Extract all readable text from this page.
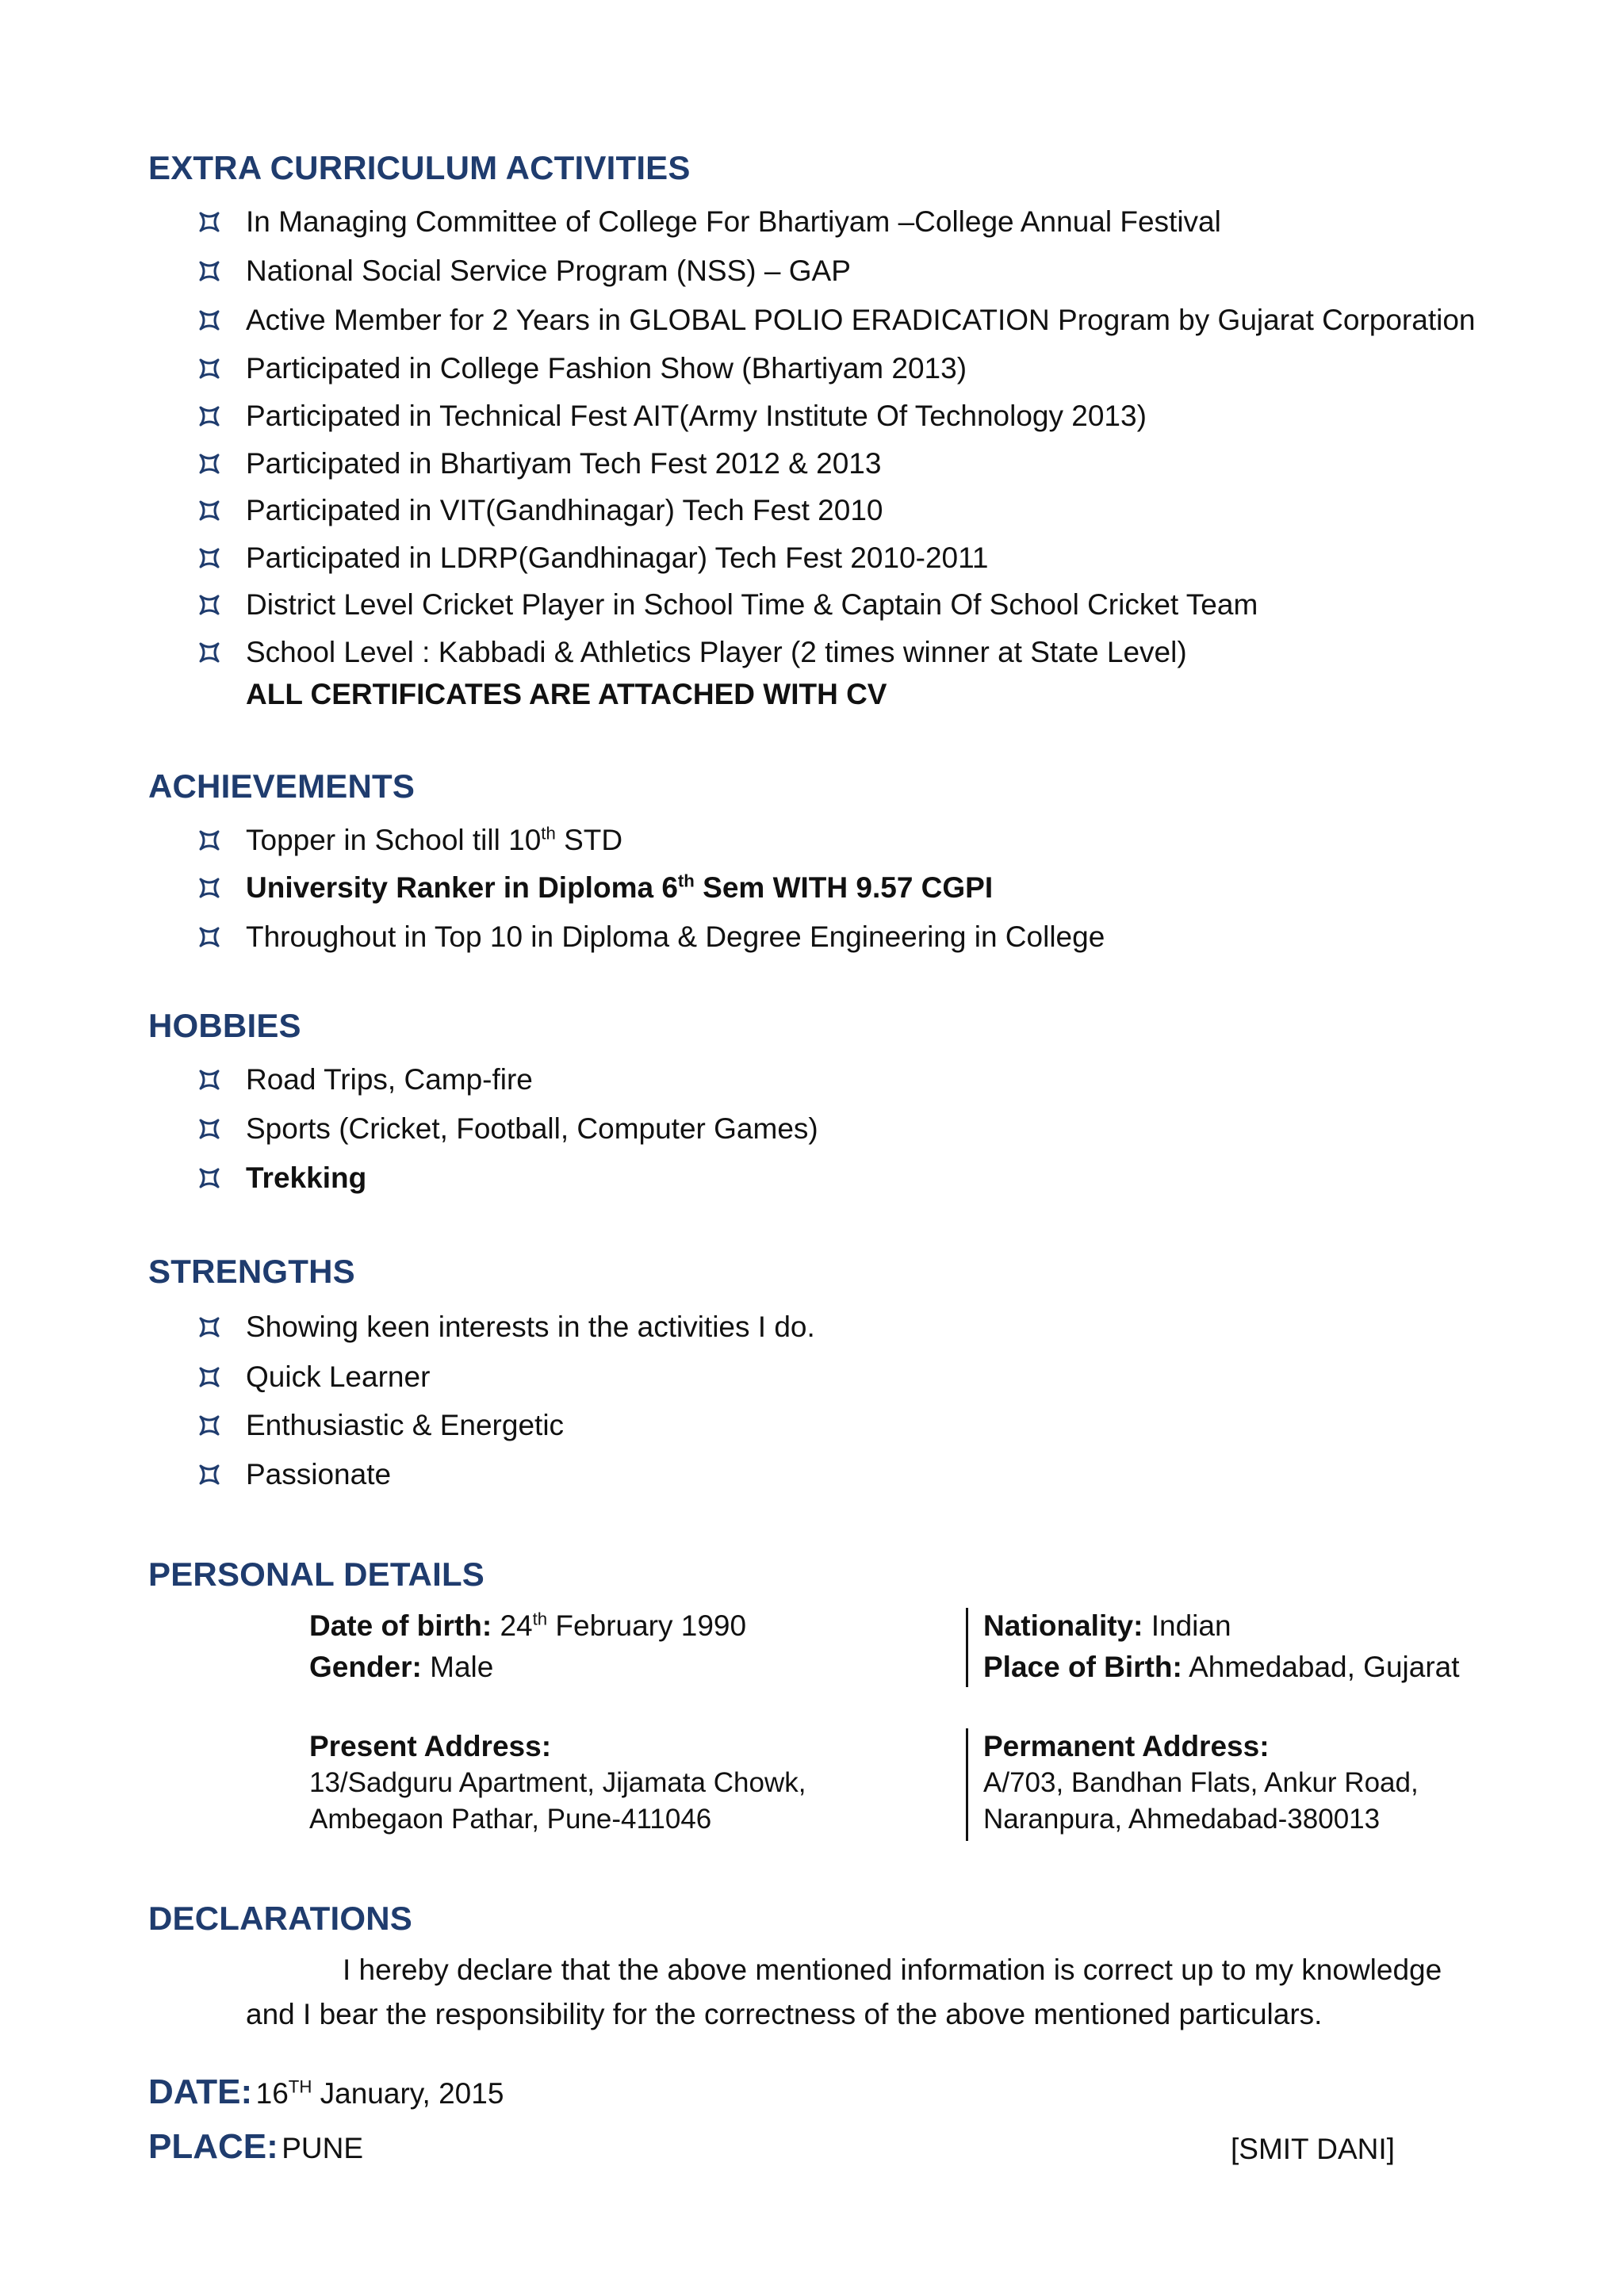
EXTRA CURRICULUM ACTIVITIES
In Managing Committee of College For Bhartiyam –College Annual Festival
National Social Service Program (NSS) – GAP
Active Member for 2 Years in GLOBAL POLIO ERADICATION Program by Gujarat Corporation
Participated in College Fashion Show (Bhartiyam 2013)
Participated in Technical Fest AIT(Army Institute Of Technology 2013)
Participated in Bhartiyam Tech Fest 2012 & 2013
Participated in VIT(Gandhinagar) Tech Fest 2010
Participated in LDRP(Gandhinagar) Tech Fest 2010-2011
District Level Cricket Player in School Time & Captain Of School Cricket Team
School Level : Kabbadi & Athletics Player (2 times winner at State Level)
ALL CERTIFICATES ARE ATTACHED WITH CV
ACHIEVEMENTS
Topper in School till 10th STD
University Ranker in Diploma 6th Sem WITH 9.57 CGPI
Throughout in Top 10 in Diploma & Degree Engineering in College
HOBBIES
Road Trips, Camp-fire
Sports (Cricket, Football, Computer Games)
Trekking
STRENGTHS
Showing keen interests in the activities I do.
Quick Learner
Enthusiastic & Energetic
Passionate
PERSONAL DETAILS
Date of birth: 24th February 1990
Gender: Male
Nationality: Indian
Place of Birth: Ahmedabad, Gujarat
Present Address:
13/Sadguru Apartment, Jijamata Chowk,
Ambegaon Pathar, Pune-411046
Permanent Address:
A/703, Bandhan Flats, Ankur Road,
Naranpura, Ahmedabad-380013
DECLARATIONS
I hereby declare that the above mentioned information is correct up to my knowledge
and I bear the responsibility for the correctness of the above mentioned particulars.
DATE: 16TH January, 2015
PLACE: PUNE	[SMIT DANI]
